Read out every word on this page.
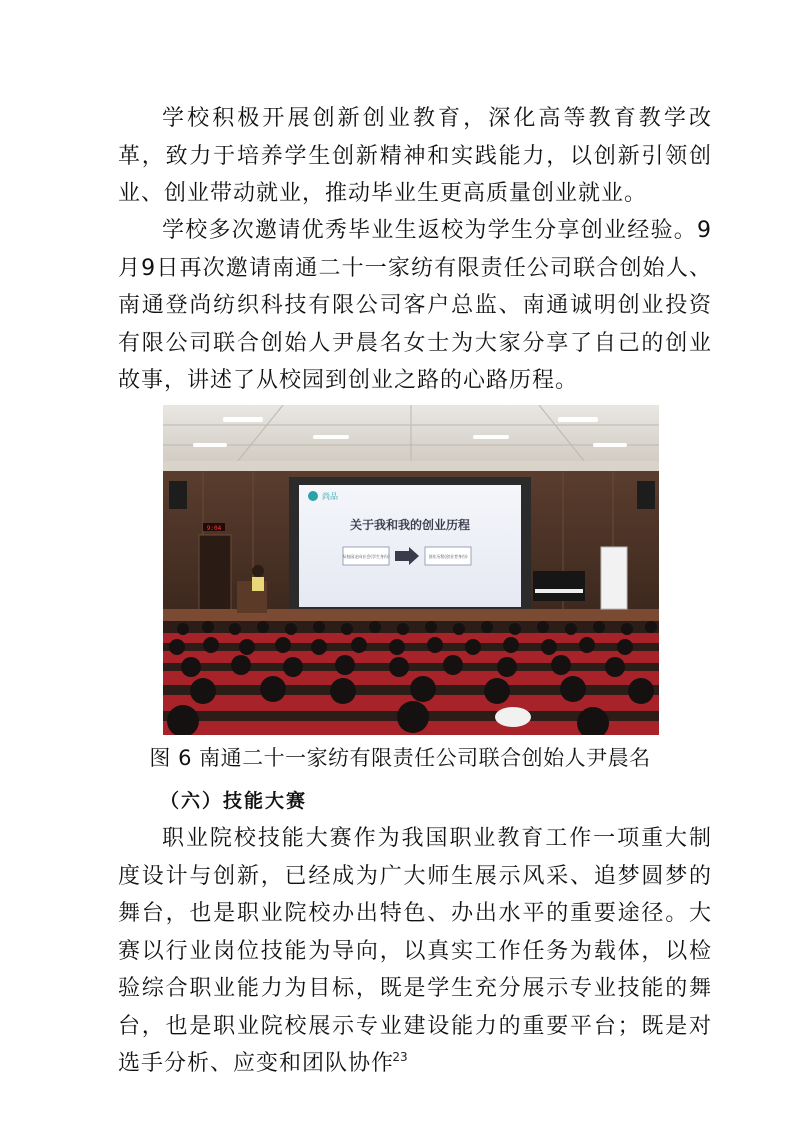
学校积极开展创新创业教育，深化高等教育教学改革，致力于培养学生创新精神和实践能力，以创新引领创业、创业带动就业，推动毕业生更高质量创业就业。

学校多次邀请优秀毕业生返校为学生分享创业经验。9月9日再次邀请南通二十一家纺有限责任公司联合创始人、南通登尚纺织科技有限公司客户总监、南通诚明创业投资有限公司联合创始人尹晨名女士为大家分享了自己的创业故事，讲述了从校园到创业之路的心路历程。

9:04
尚品
关于我和我的创业历程
从校园走向社会(学生身份)	创业历程(创业者身份)
图 6 南通二十一家纺有限责任公司联合创始人尹晨名
（六）技能大赛

职业院校技能大赛作为我国职业教育工作一项重大制度设计与创新，已经成为广大师生展示风采、追梦圆梦的舞台，也是职业院校办出特色、办出水平的重要途径。大赛以行业岗位技能为导向，以真实工作任务为载体，以检验综合职业能力为目标，既是学生充分展示专业技能的舞台，也是职业院校展示专业建设能力的重要平台；既是对选手分析、应变和团队协作

23
